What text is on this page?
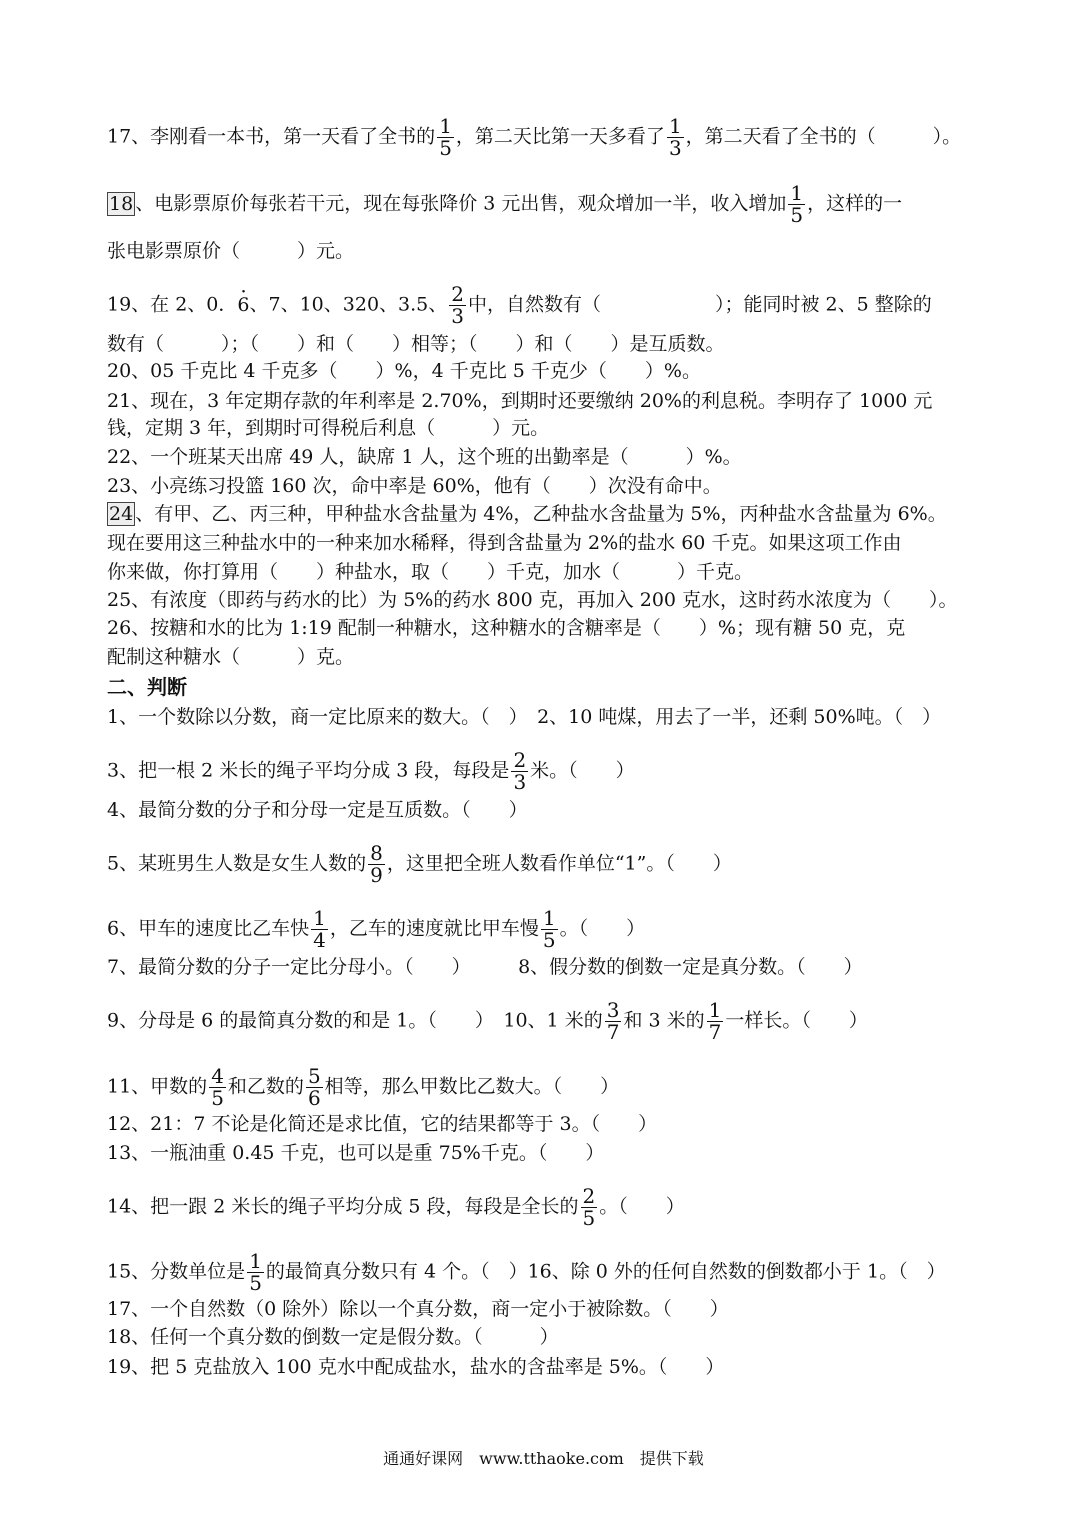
17、李刚看一本书，第一天看了全书的 $\frac{1}{5}$ ，第二天比第一天多看了 $\frac{1}{3}$ ，第二天看了全书的（　　　）。
18 、电影票原价每张若干元，现在每张降价 3 元出售，观众增加一半，收入增加 $\frac{1}{5}$ ，这样的一
张电影票原价（　　　）元。
19、在 2、0．· 6、7、10、320、3.5、 $\frac{2}{3}$ 中，自然数有（　　　　　　）；能同时被 2、5 整除的
数有（　　　）；（　　）和（　　）相等；（　　）和（　　）是互质数。
20、05 千克比 4 千克多（　　）%，4 千克比 5 千克少（　　）%。
21、现在，3 年定期存款的年利率是 2.70%，到期时还要缴纳 20%的利息税。李明存了 1000 元
钱，定期 3 年，到期时可得税后利息（　　　）元。
22、一个班某天出席 49 人，缺席 1 人，这个班的出勤率是（　　　）%。
23、小亮练习投篮 160 次，命中率是 60%，他有（　　）次没有命中。
24 、有甲、乙、丙三种，甲种盐水含盐量为 4%，乙种盐水含盐量为 5%，丙种盐水含盐量为 6%。
现在要用这三种盐水中的一种来加水稀释，得到含盐量为 2%的盐水 60 千克。如果这项工作由
你来做，你打算用（　　）种盐水，取（　　）千克，加水（　　　）千克。
25、有浓度（即药与药水的比）为 5%的药水 800 克，再加入 200 克水，这时药水浓度为（　　）。
26、按糖和水的比为 1:19 配制一种糖水，这种糖水的含糖率是（　　）%；现有糖 50 克，克
配制这种糖水（　　　）克。
二、判断
1、一个数除以分数，商一定比原来的数大。（　）　2、10 吨煤，用去了一半，还剩 50%吨。（　）
3、把一根 2 米长的绳子平均分成 3 段，每段是 $\frac{2}{3}$ 米。（　　）
4、最简分数的分子和分母一定是互质数。（　　）
5、某班男生人数是女生人数的 $\frac{8}{9}$ ，这里把全班人数看作单位“1”。（　　）
6、甲车的速度比乙车快 $\frac{1}{4}$ ，乙车的速度就比甲车慢 $\frac{1}{5}$ 。（　　）
7、最简分数的分子一定比分母小。（　　）　　　8、假分数的倒数一定是真分数。（　　）
9、分母是 6 的最简真分数的和是 1。（　　）　10、1 米的 $\frac{3}{7}$ 和 3 米的 $\frac{1}{7}$ 一样长。（　　）
11、甲数的 $\frac{4}{5}$ 和乙数的 $\frac{5}{6}$ 相等，那么甲数比乙数大。（　　）
12、21：7 不论是化简还是求比值，它的结果都等于 3。（　　）
13、一瓶油重 0.45 千克，也可以是重 75%千克。（　　）
14、把一跟 2 米长的绳子平均分成 5 段，每段是全长的 $\frac{2}{5}$ 。（　　）
15、分数单位是 $\frac{1}{5}$ 的最简真分数只有 4 个。（　）16、除 0 外的任何自然数的倒数都小于 1。（　）
17、一个自然数（0 除外）除以一个真分数，商一定小于被除数。（　　）
18、任何一个真分数的倒数一定是假分数。（　　　）
19、把 5 克盐放入 100 克水中配成盐水，盐水的含盐率是 5%。（　　）
通通好课网　www.tthaoke.com　提供下载
